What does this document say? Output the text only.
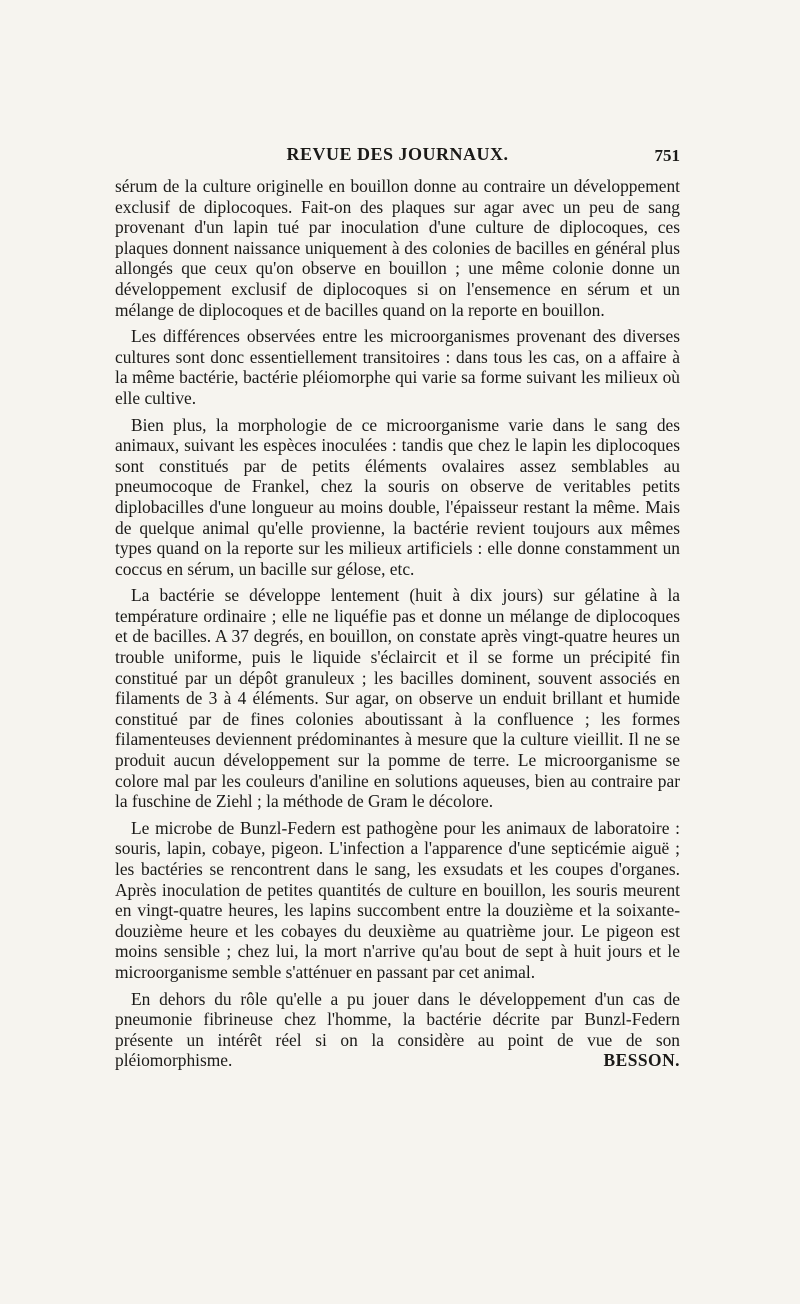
REVUE DES JOURNAUX.	751

sérum de la culture originelle en bouillon donne au contraire un développement exclusif de diplocoques. Fait-on des plaques sur agar avec un peu de sang provenant d'un lapin tué par inoculation d'une culture de diplocoques, ces plaques donnent naissance uniquement à des colonies de bacilles en général plus allongés que ceux qu'on observe en bouillon ; une même colonie donne un développement exclusif de diplocoques si on l'ensemence en sérum et un mélange de diplocoques et de bacilles quand on la reporte en bouillon.

Les différences observées entre les microorganismes provenant des diverses cultures sont donc essentiellement transitoires : dans tous les cas, on a affaire à la même bactérie, bactérie pléiomorphe qui varie sa forme suivant les milieux où elle cultive.

Bien plus, la morphologie de ce microorganisme varie dans le sang des animaux, suivant les espèces inoculées : tandis que chez le lapin les diplocoques sont constitués par de petits éléments ovalaires assez semblables au pneumocoque de Frankel, chez la souris on observe de veritables petits diplobacilles d'une longueur au moins double, l'épaisseur restant la même. Mais de quelque animal qu'elle provienne, la bactérie revient toujours aux mêmes types quand on la reporte sur les milieux artificiels : elle donne constamment un coccus en sérum, un bacille sur gélose, etc.

La bactérie se développe lentement (huit à dix jours) sur gélatine à la température ordinaire ; elle ne liquéfie pas et donne un mélange de diplocoques et de bacilles. A 37 degrés, en bouillon, on constate après vingt-quatre heures un trouble uniforme, puis le liquide s'éclaircit et il se forme un précipité fin constitué par un dépôt granuleux ; les bacilles dominent, souvent associés en filaments de 3 à 4 éléments. Sur agar, on observe un enduit brillant et humide constitué par de fines colonies aboutissant à la confluence ; les formes filamenteuses deviennent prédominantes à mesure que la culture vieillit. Il ne se produit aucun développement sur la pomme de terre. Le microorganisme se colore mal par les couleurs d'aniline en solutions aqueuses, bien au contraire par la fuschine de Ziehl ; la méthode de Gram le décolore.

Le microbe de Bunzl-Federn est pathogène pour les animaux de laboratoire : souris, lapin, cobaye, pigeon. L'infection a l'apparence d'une septicémie aiguë ; les bactéries se rencontrent dans le sang, les exsudats et les coupes d'organes. Après inoculation de petites quantités de culture en bouillon, les souris meurent en vingt-quatre heures, les lapins succombent entre la douzième et la soixante-douzième heure et les cobayes du deuxième au quatrième jour. Le pigeon est moins sensible ; chez lui, la mort n'arrive qu'au bout de sept à huit jours et le microorganisme semble s'atténuer en passant par cet animal.

En dehors du rôle qu'elle a pu jouer dans le développement d'un cas de pneumonie fibrineuse chez l'homme, la bactérie décrite par Bunzl-Federn présente un intérêt réel si on la considère au point de vue de son pléiomorphisme.	BESSON.
